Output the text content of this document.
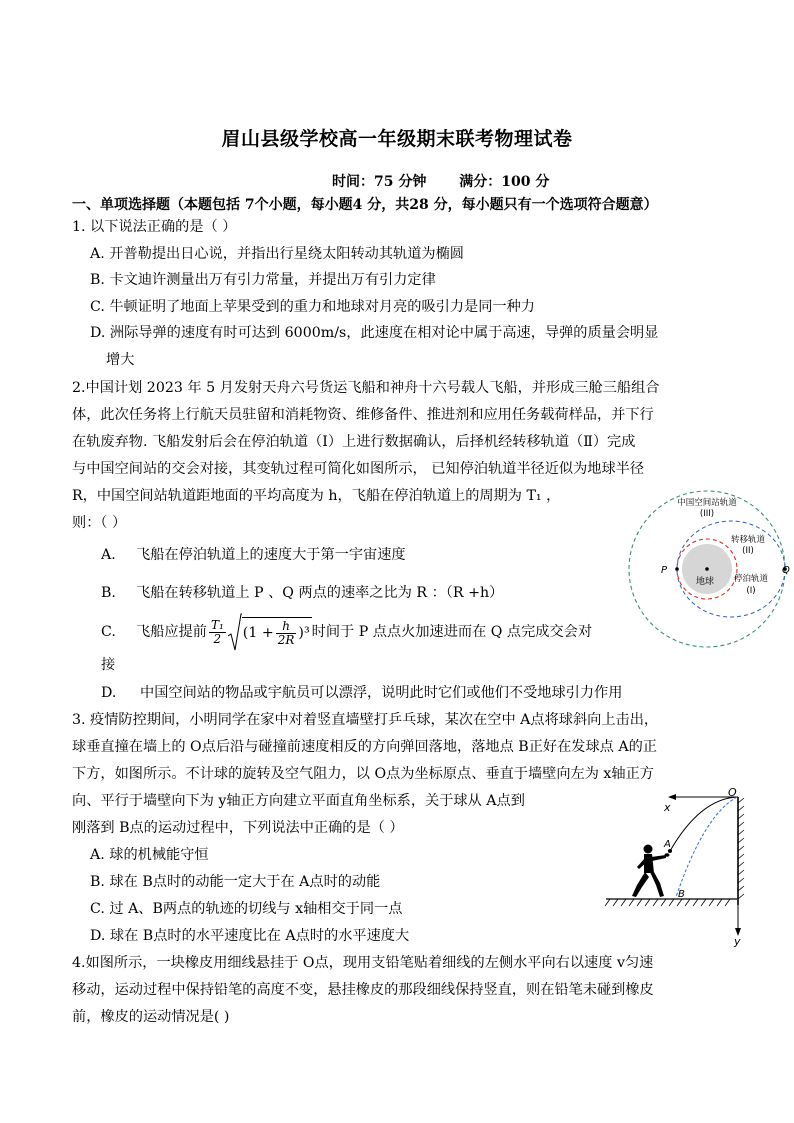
眉山县级学校高一年级期末联考物理试卷
时间：75 分钟 满分：100 分
一、单项选择题（本题包括 7个小题，每小题4 分，共28 分，每小题只有一个选项符合题意）
1. 以下说法正确的是（ ）
A. 开普勒提出日心说，并指出行星绕太阳转动其轨道为椭圆
B. 卡文迪许测量出万有引力常量，并提出万有引力定律
C. 牛顿证明了地面上苹果受到的重力和地球对月亮的吸引力是同一种力
D. 洲际导弹的速度有时可达到 6000m/s，此速度在相对论中属于高速，导弹的质量会明显
增大
2.中国计划 2023 年 5 月发射天舟六号货运飞船和神舟十六号载人飞船，并形成三舱三船组合
体，此次任务将上行航天员驻留和消耗物资、维修备件、推进剂和应用任务载荷样品，并下行
在轨废弃物. 飞船发射后会在停泊轨道（Ⅰ）上进行数据确认，后择机经转移轨道（Ⅱ）完成
与中国空间站的交会对接，其变轨过程可简化如图所示， 已知停泊轨道半径近似为地球半径
R，中国空间站轨道距地面的平均高度为 h，飞船在停泊轨道上的周期为 T₁ ，
则：（ ）
A. 飞船在停泊轨道上的速度大于第一宇宙速度
B. 飞船在转移轨道上 P 、Q 两点的速率之比为 R ：（R +h）
C. 飞船应提前 $\frac{\text{T₁}}{2} (1 + \frac{h}{2R} )^3$ 时间于 P 点点火加速进而在 Q 点完成交会对
接
D. 中国空间站的物品或宇航员可以漂浮，说明此时它们或他们不受地球引力作用
中国空间站轨道
(III)
转移轨道
(II)
停泊轨道
(I)
地球
P	Q
3. 疫情防控期间，小明同学在家中对着竖直墙壁打乒乓球，某次在空中 A点将球斜向上击出，
球垂直撞在墙上的 O点后沿与碰撞前速度相反的方向弹回落地，落地点 B正好在发球点 A的正
下方，如图所示。不计球的旋转及空气阻力，以 O点为坐标原点、垂直于墙壁向左为 x轴正方
向、平行于墙壁向下为 y轴正方向建立平面直角坐标系，关于球从 A点到
刚落到 B点的运动过程中，下列说法中正确的是（ ）
A. 球的机械能守恒
B. 球在 B点时的动能一定大于在 A点时的动能
C. 过 A、B两点的轨迹的切线与 x轴相交于同一点
D. 球在 B点时的水平速度比在 A点时的水平速度大
x
y
O
A
B
4.如图所示，一块橡皮用细线悬挂于 O点，现用支铅笔贴着细线的左侧水平向右以速度 v匀速
移动，运动过程中保持铅笔的高度不变，悬挂橡皮的那段细线保持竖直，则在铅笔未碰到橡皮
前，橡皮的运动情况是( )
